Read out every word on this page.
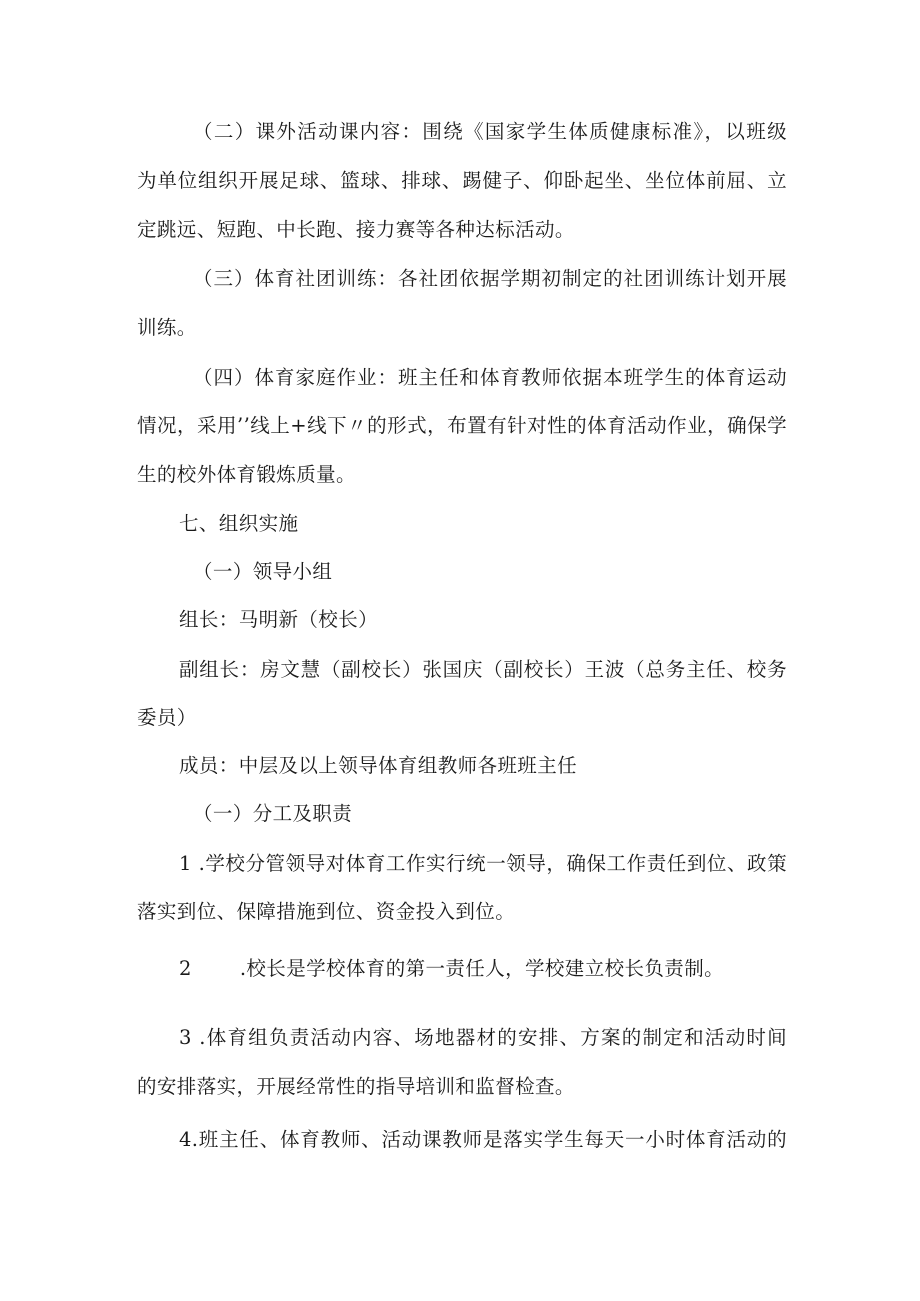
（二）课外活动课内容：围绕《国家学生体质健康标准》，以班级
为单位组织开展足球、篮球、排球、踢健子、仰卧起坐、坐位体前屈、立
定跳远、短跑、中长跑、接力赛等各种达标活动。
（三）体育社团训练：各社团依据学期初制定的社团训练计划开展
训练。
（四）体育家庭作业：班主任和体育教师依据本班学生的体育运动
情况，采用’’线上+线下〃的形式，布置有针对性的体育活动作业，确保学
生的校外体育锻炼质量。
七、组织实施
（一）领导小组
组长：马明新（校长）
副组长：房文慧（副校长）张国庆（副校长）王波（总务主任、校务
委员）
成员：中层及以上领导体育组教师各班班主任
（一）分工及职责
1 .学校分管领导对体育工作实行统一领导，确保工作责任到位、政策
落实到位、保障措施到位、资金投入到位。
2 .校长是学校体育的第一责任人，学校建立校长负责制。
3 .体育组负责活动内容、场地器材的安排、方案的制定和活动时间
的安排落实，开展经常性的指导培训和监督检查。
4.班主任、体育教师、活动课教师是落实学生每天一小时体育活动的
